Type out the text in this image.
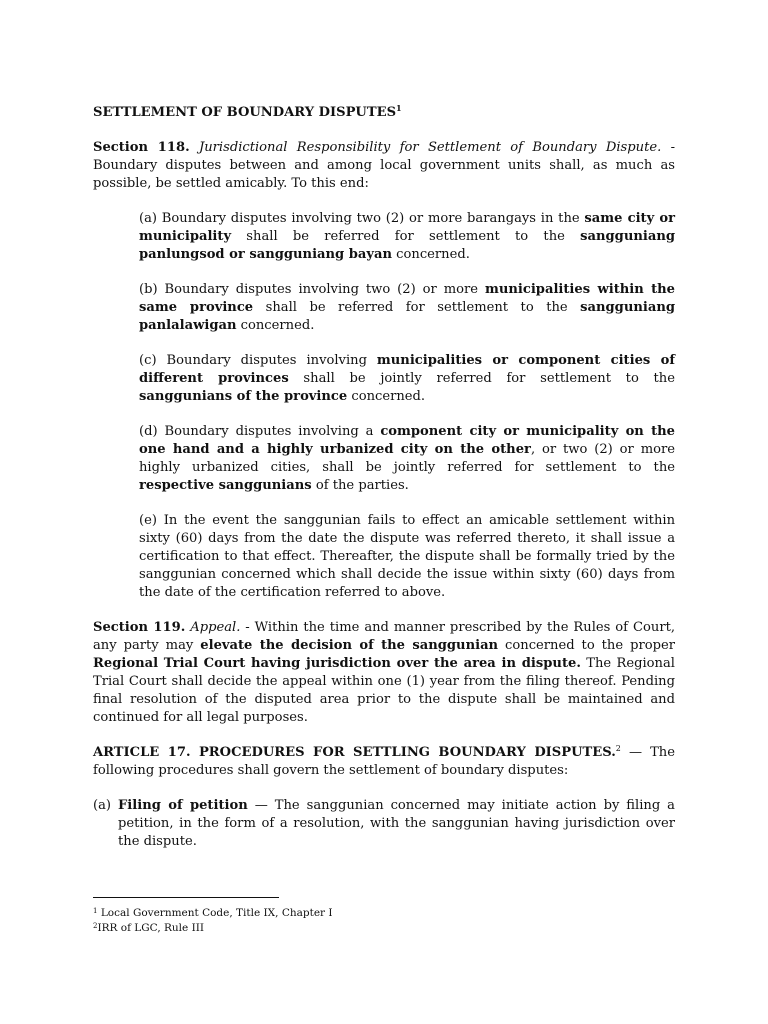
SETTLEMENT OF BOUNDARY DISPUTES$^1$

Section 118. Jurisdictional Responsibility for Settlement of Boundary Dispute. - Boundary disputes between and among local government units shall, as much as possible, be settled amicably. To this end:

(a) Boundary disputes involving two (2) or more barangays in the same city or municipality shall be referred for settlement to the sangguniang panlungsod or sangguniang bayan concerned.

(b) Boundary disputes involving two (2) or more municipalities within the same province shall be referred for settlement to the sangguniang panlalawigan concerned.

(c) Boundary disputes involving municipalities or component cities of different provinces shall be jointly referred for settlement to the sanggunians of the province concerned.

(d) Boundary disputes involving a component city or municipality on the one hand and a highly urbanized city on the other, or two (2) or more highly urbanized cities, shall be jointly referred for settlement to the respective sanggunians of the parties.

(e) In the event the sanggunian fails to effect an amicable settlement within sixty (60) days from the date the dispute was referred thereto, it shall issue a certification to that effect. Thereafter, the dispute shall be formally tried by the sanggunian concerned which shall decide the issue within sixty (60) days from the date of the certification referred to above.

Section 119. Appeal. - Within the time and manner prescribed by the Rules of Court, any party may elevate the decision of the sanggunian concerned to the proper Regional Trial Court having jurisdiction over the area in dispute. The Regional Trial Court shall decide the appeal within one (1) year from the filing thereof. Pending final resolution of the disputed area prior to the dispute shall be maintained and continued for all legal purposes.

ARTICLE 17. PROCEDURES FOR SETTLING BOUNDARY DISPUTES.$^2$ — The following procedures shall govern the settlement of boundary disputes:

(a) Filing of petition — The sanggunian concerned may initiate action by filing a petition, in the form of a resolution, with the sanggunian having jurisdiction over the dispute.

$^1$ Local Government Code, Title IX, Chapter I
$^2$IRR of LGC, Rule III
